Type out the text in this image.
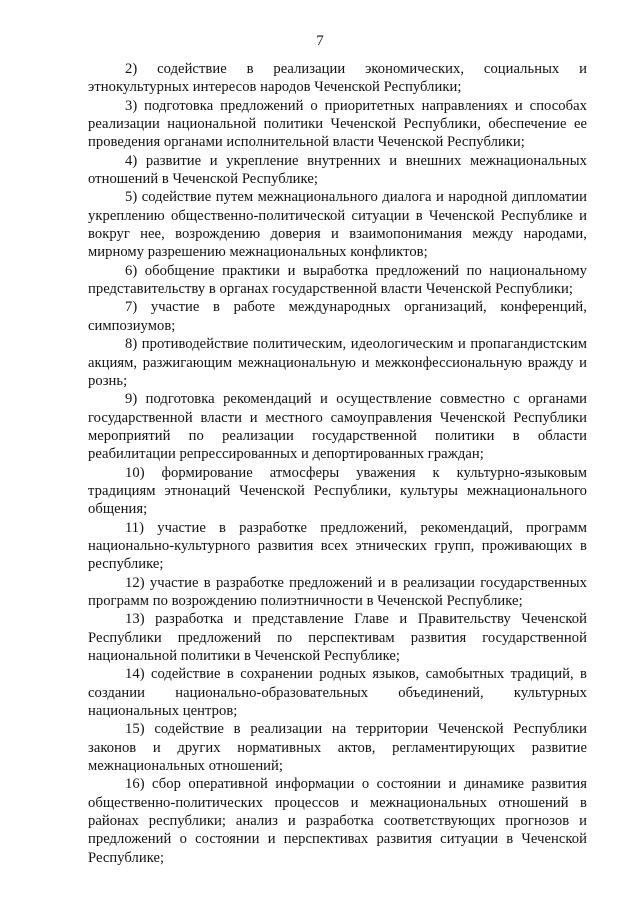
7

2) содействие в реализации экономических, социальных и этнокультурных интересов народов Чеченской Республики;

3) подготовка предложений о приоритетных направлениях и способах реализации национальной политики Чеченской Республики, обеспечение ее проведения органами исполнительной власти Чеченской Республики;

4) развитие и укрепление внутренних и внешних межнациональных отношений в Чеченской Республике;

5) содействие путем межнационального диалога и народной дипломатии укреплению общественно-политической ситуации в Чеченской Республике и вокруг нее, возрождению доверия и взаимопонимания между народами, мирному разрешению межнациональных конфликтов;

6) обобщение практики и выработка предложений по национальному представительству в органах государственной власти Чеченской Республики;

7) участие в работе международных организаций, конференций, симпозиумов;

8) противодействие политическим, идеологическим и пропагандистским акциям, разжигающим межнациональную и межконфессиональную вражду и рознь;

9) подготовка рекомендаций и осуществление совместно с органами государственной власти и местного самоуправления Чеченской Республики мероприятий по реализации государственной политики в области реабилитации репрессированных и депортированных граждан;

10) формирование атмосферы уважения к культурно-языковым традициям этнонаций Чеченской Республики, культуры межнационального общения;

11) участие в разработке предложений, рекомендаций, программ национально-культурного развития всех этнических групп, проживающих в республике;

12) участие в разработке предложений и в реализации государственных программ по возрождению полиэтничности в Чеченской Республике;

13) разработка и представление Главе и Правительству Чеченской Республики предложений по перспективам развития государственной национальной политики в Чеченской Республике;

14) содействие в сохранении родных языков, самобытных традиций, в создании национально-образовательных объединений, культурных национальных центров;

15) содействие в реализации на территории Чеченской Республики законов и других нормативных актов, регламентирующих развитие межнациональных отношений;

16) сбор оперативной информации о состоянии и динамике развития общественно-политических процессов и межнациональных отношений в районах республики; анализ и разработка соответствующих прогнозов и предложений о состоянии и перспективах развития ситуации в Чеченской Республике;
